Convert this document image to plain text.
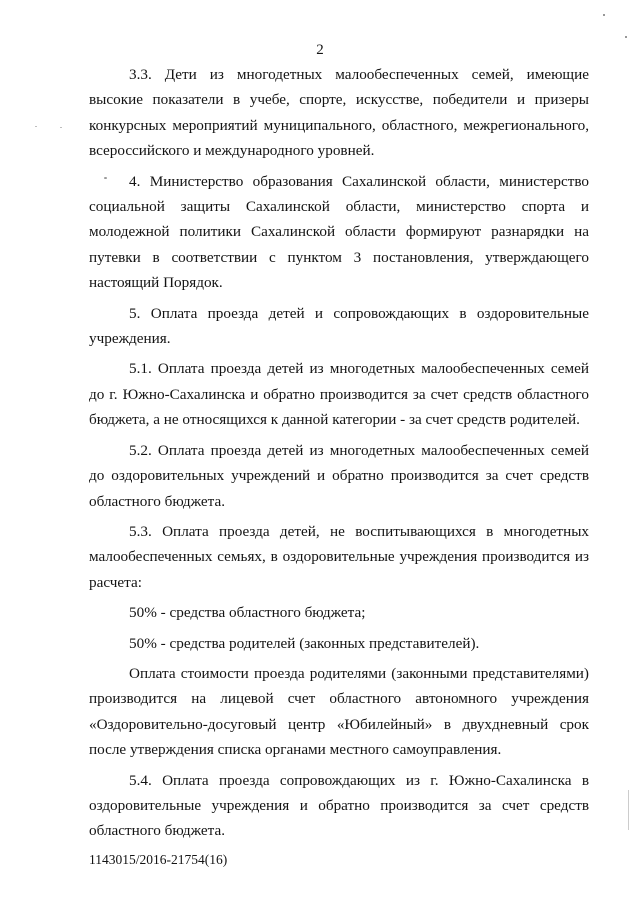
2

3.3. Дети из многодетных малообеспеченных семей, имеющие высокие показатели в учебе, спорте, искусстве, победители и призеры конкурсных мероприятий муниципального, областного, межрегионального, всероссийского и международного уровней.

4. Министерство образования Сахалинской области, министерство социальной защиты Сахалинской области, министерство спорта и молодежной политики Сахалинской области формируют разнарядки на путевки в соответствии с пунктом 3 постановления, утверждающего настоящий Порядок.

5. Оплата проезда детей и сопровождающих в оздоровительные учреждения.

5.1. Оплата проезда детей из многодетных малообеспеченных семей до г. Южно-Сахалинска и обратно производится за счет средств областного бюджета, а не относящихся к данной категории - за счет средств родителей.

5.2. Оплата проезда детей из многодетных малообеспеченных семей до оздоровительных учреждений и обратно производится за счет средств областного бюджета.

5.3. Оплата проезда детей, не воспитывающихся в многодетных малообеспеченных семьях, в оздоровительные учреждения производится из расчета:

50% - средства областного бюджета;

50% - средства родителей (законных представителей).

Оплата стоимости проезда родителями (законными представителями) производится на лицевой счет областного автономного учреждения «Оздоровительно-досуговый центр «Юбилейный» в двухдневный срок после утверждения списка органами местного самоуправления.

5.4. Оплата проезда сопровождающих из г. Южно-Сахалинска в оздоровительные учреждения и обратно производится за счет средств областного бюджета.

1143015/2016-21754(16)
